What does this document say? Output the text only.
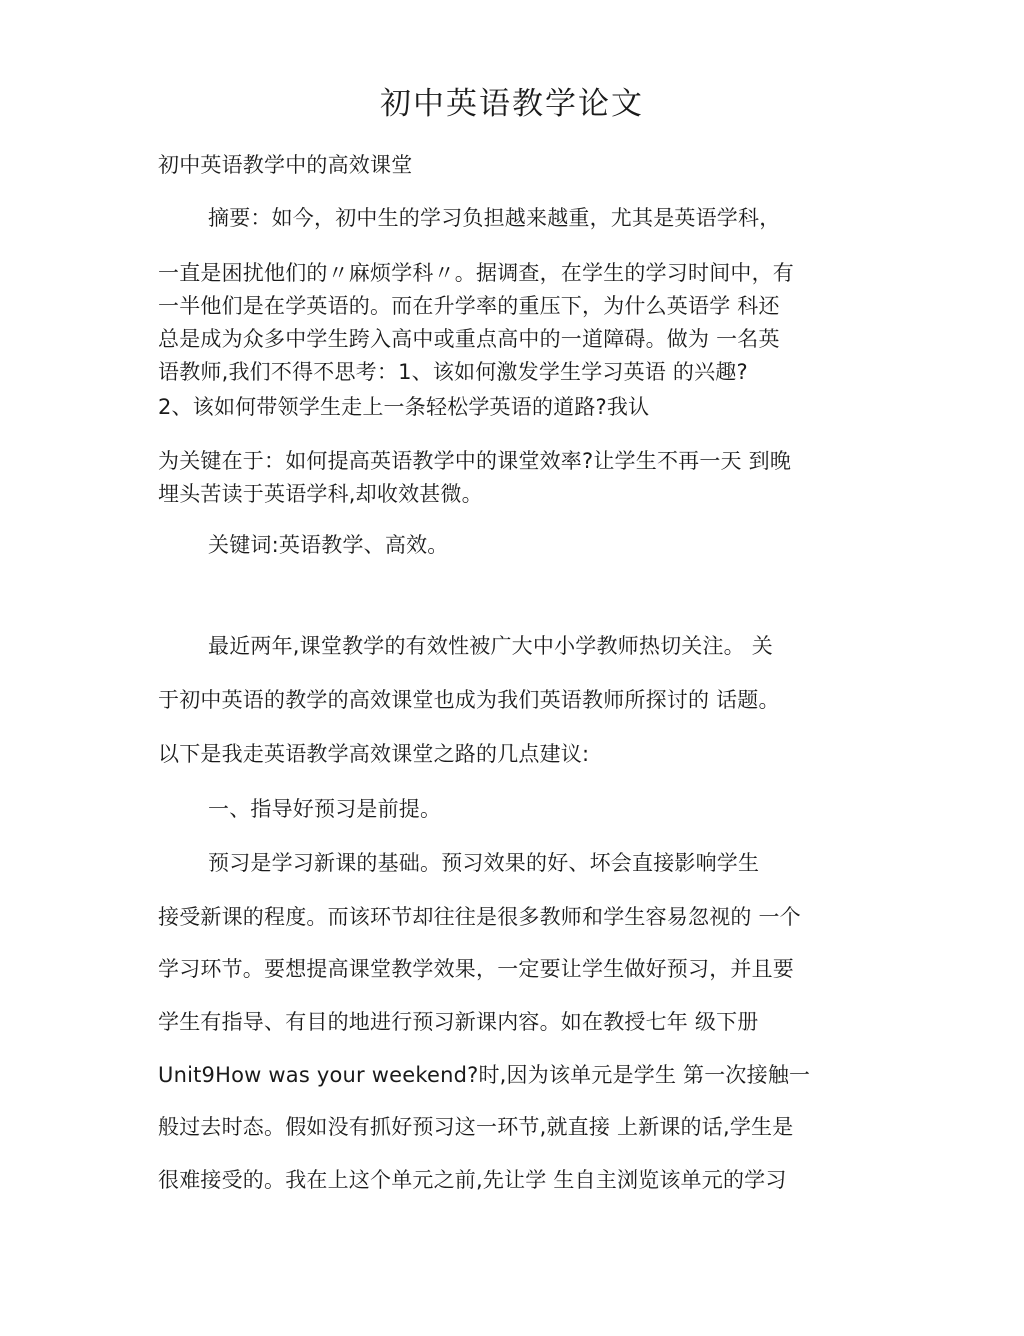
初中英语教学论文
初中英语教学中的高效课堂
摘要：如今，初中生的学习负担越来越重，尤其是英语学科，
一直是困扰他们的〃麻烦学科〃。据调查，在学生的学习时间中，有
一半他们是在学英语的。而在升学率的重压下，为什么英语学 科还
总是成为众多中学生跨入高中或重点高中的一道障碍。做为 一名英
语教师,我们不得不思考：1、该如何激发学生学习英语 的兴趣?
2、该如何带领学生走上一条轻松学英语的道路?我认
为关键在于：如何提高英语教学中的课堂效率?让学生不再一天 到晚
埋头苦读于英语学科,却收效甚微。
关键词:英语教学、高效。
最近两年,课堂教学的有效性被广大中小学教师热切关注。 关
于初中英语的教学的高效课堂也成为我们英语教师所探讨的 话题。
以下是我走英语教学高效课堂之路的几点建议:
一、指导好预习是前提。
预习是学习新课的基础。预习效果的好、坏会直接影响学生
接受新课的程度。而该环节却往往是很多教师和学生容易忽视的 一个
学习环节。要想提高课堂教学效果，一定要让学生做好预习，并且要
学生有指导、有目的地进行预习新课内容。如在教授七年 级下册
Unit9How was your weekend?时,因为该单元是学生 第一次接触一
般过去时态。假如没有抓好预习这一环节,就直接 上新课的话,学生是
很难接受的。我在上这个单元之前,先让学 生自主浏览该单元的学习
